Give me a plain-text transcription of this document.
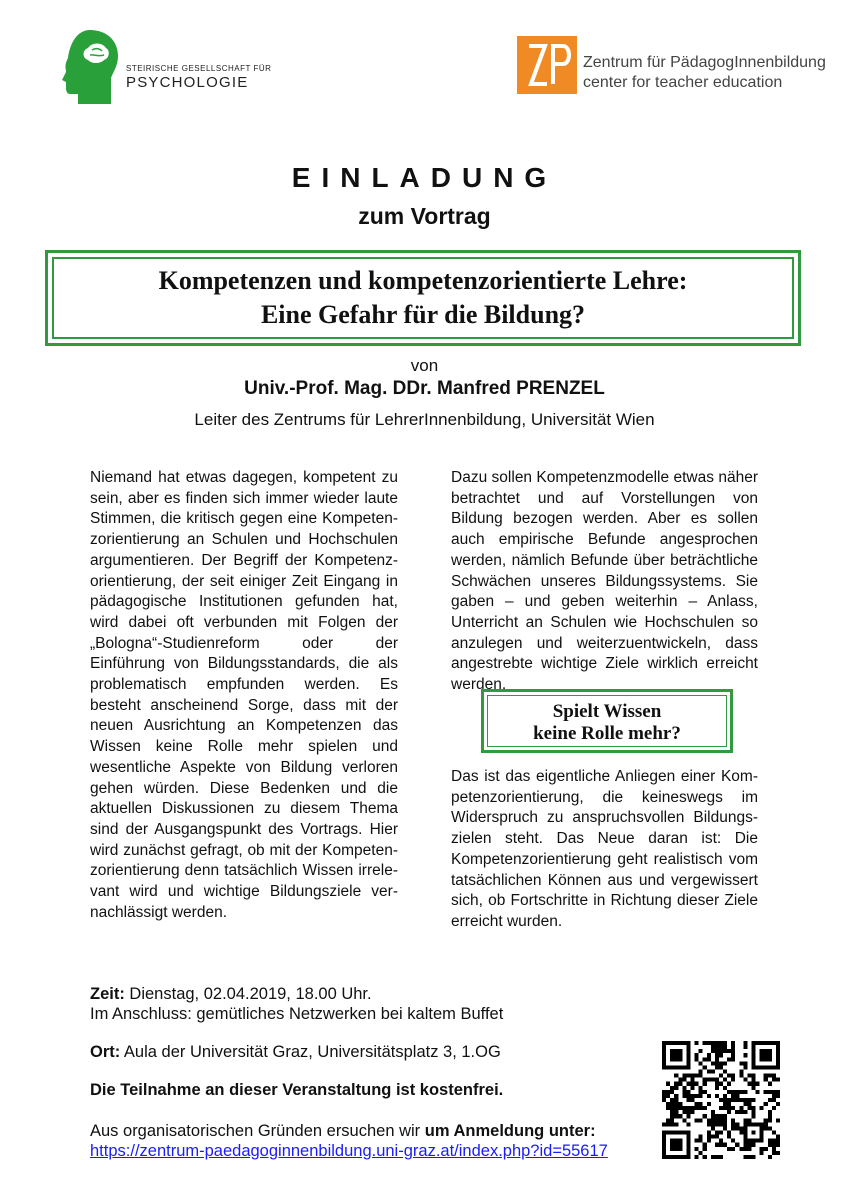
STEIRISCHE GESELLSCHAFT FÜR
PSYCHOLOGIE
Zentrum für PädagogInnenbildung
center for teacher education
EINLADUNG
zum Vortrag
Kompetenzen und kompetenzorientierte Lehre:
Eine Gefahr für die Bildung?
von
Univ.-Prof. Mag. DDr. Manfred PRENZEL
Leiter des Zentrums für LehrerInnenbildung, Universität Wien
Niemand hat etwas dagegen, kompetent zu sein, aber es finden sich immer wieder laute Stimmen, die kritisch gegen eine Kompetenzorientierung an Schulen und Hochschulen argumentieren. Der Begriff der Kompetenzorientierung, der seit einiger Zeit Eingang in pädagogische Institutionen gefunden hat, wird dabei oft verbunden mit Folgen der „Bologna“-Studienreform oder der Einführung von Bildungsstandards, die als problematisch empfunden werden. Es besteht anscheinend Sorge, dass mit der neuen Ausrichtung an Kompetenzen das Wissen keine Rolle mehr spielen und wesentliche Aspekte von Bildung verloren gehen würden. Diese Bedenken und die aktuellen Diskussionen zu diesem Thema sind der Ausgangspunkt des Vortrags. Hier wird zunächst gefragt, ob mit der Kompetenzorientierung denn tatsächlich Wissen irrelevant wird und wichtige Bildungsziele vernachlässigt werden.
Dazu sollen Kompetenzmodelle etwas näher betrachtet und auf Vorstellungen von Bildung bezogen werden. Aber es sollen auch empirische Befunde angesprochen werden, nämlich Befunde über beträchtliche Schwächen unseres Bildungssystems. Sie gaben – und geben weiterhin – Anlass, Unterricht an Schulen wie Hochschulen so anzulegen und weiterzuentwickeln, dass angestrebte wichtige Ziele wirklich erreicht werden.
Spielt Wissen
keine Rolle mehr?
Das ist das eigentliche Anliegen einer Kompetenzorientierung, die keineswegs im Widerspruch zu anspruchsvollen Bildungszielen steht. Das Neue daran ist: Die Kompetenzorientierung geht realistisch vom tatsächlichen Können aus und vergewissert sich, ob Fortschritte in Richtung dieser Ziele erreicht wurden.
Zeit: Dienstag, 02.04.2019, 18.00 Uhr.
Im Anschluss: gemütliches Netzwerken bei kaltem Buffet
Ort: Aula der Universität Graz, Universitätsplatz 3, 1.OG
Die Teilnahme an dieser Veranstaltung ist kostenfrei.
Aus organisatorischen Gründen ersuchen wir um Anmeldung unter:
https://zentrum-paedagoginnenbildung.uni-graz.at/index.php?id=55617
